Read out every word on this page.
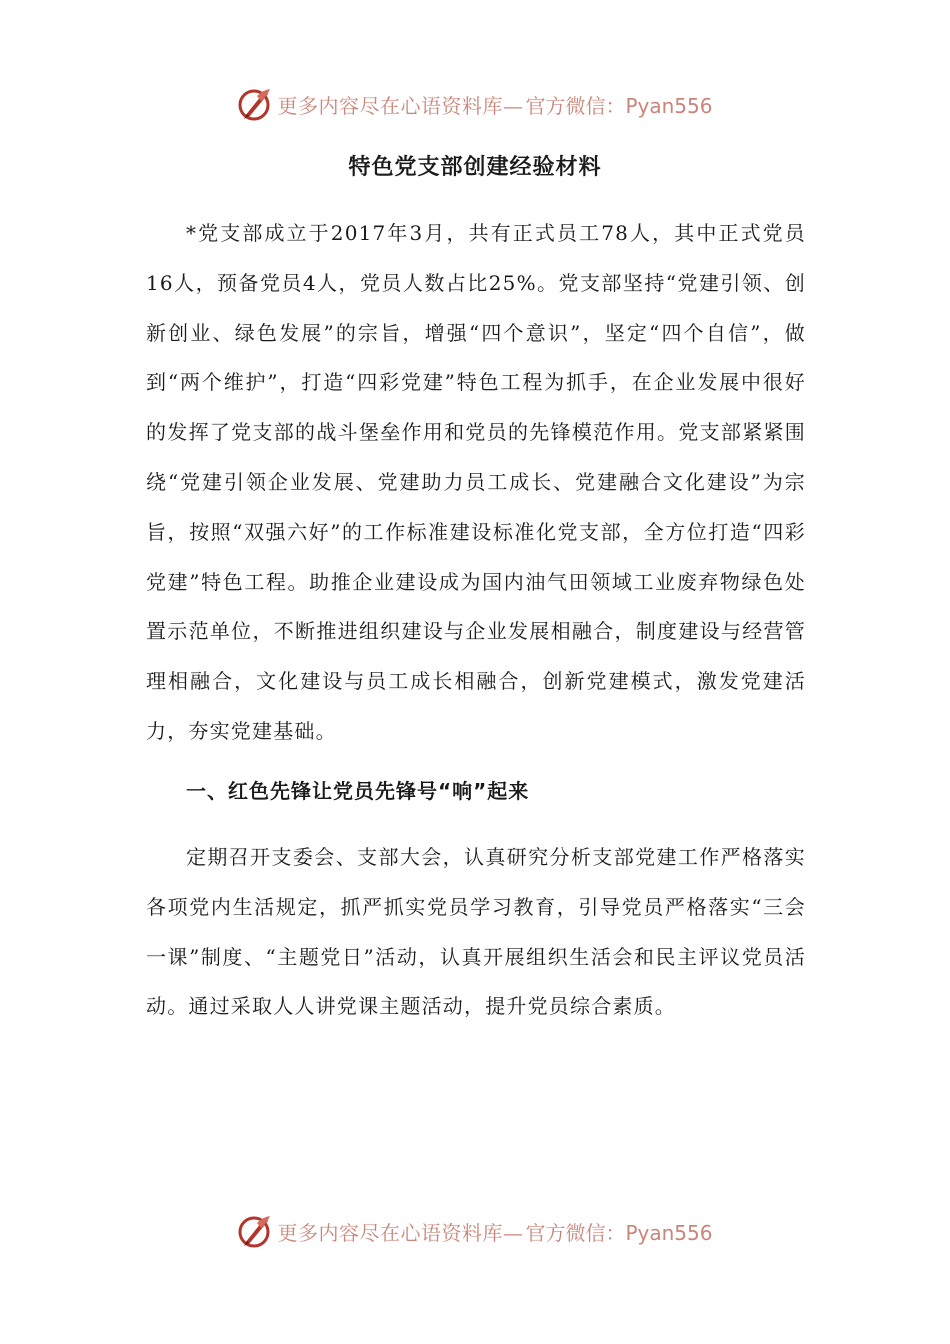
更多内容尽在心语资料库— 官方微信：Pyan556
特色党支部创建经验材料

*党支部成立于2017年3月，共有正式员工78人，其中正式党员16人，预备党员4人，党员人数占比25%。党支部坚持“党建引领、创新创业、绿色发展”的宗旨，增强“四个意识”，坚定“四个自信”，做到“两个维护”，打造“四彩党建”特色工程为抓手，在企业发展中很好的发挥了党支部的战斗堡垒作用和党员的先锋模范作用。党支部紧紧围绕“党建引领企业发展、党建助力员工成长、党建融合文化建设”为宗旨，按照“双强六好”的工作标准建设标准化党支部，全方位打造“四彩党建”特色工程。助推企业建设成为国内油气田领域工业废弃物绿色处置示范单位，不断推进组织建设与企业发展相融合，制度建设与经营管理相融合，文化建设与员工成长相融合，创新党建模式，激发党建活力，夯实党建基础。

一、红色先锋让党员先锋号“响”起来

定期召开支委会、支部大会，认真研究分析支部党建工作严格落实各项党内生活规定，抓严抓实党员学习教育，引导党员严格落实“三会一课”制度、“主题党日”活动，认真开展组织生活会和民主评议党员活动。通过采取人人讲党课主题活动，提升党员综合素质。

更多内容尽在心语资料库— 官方微信：Pyan556
